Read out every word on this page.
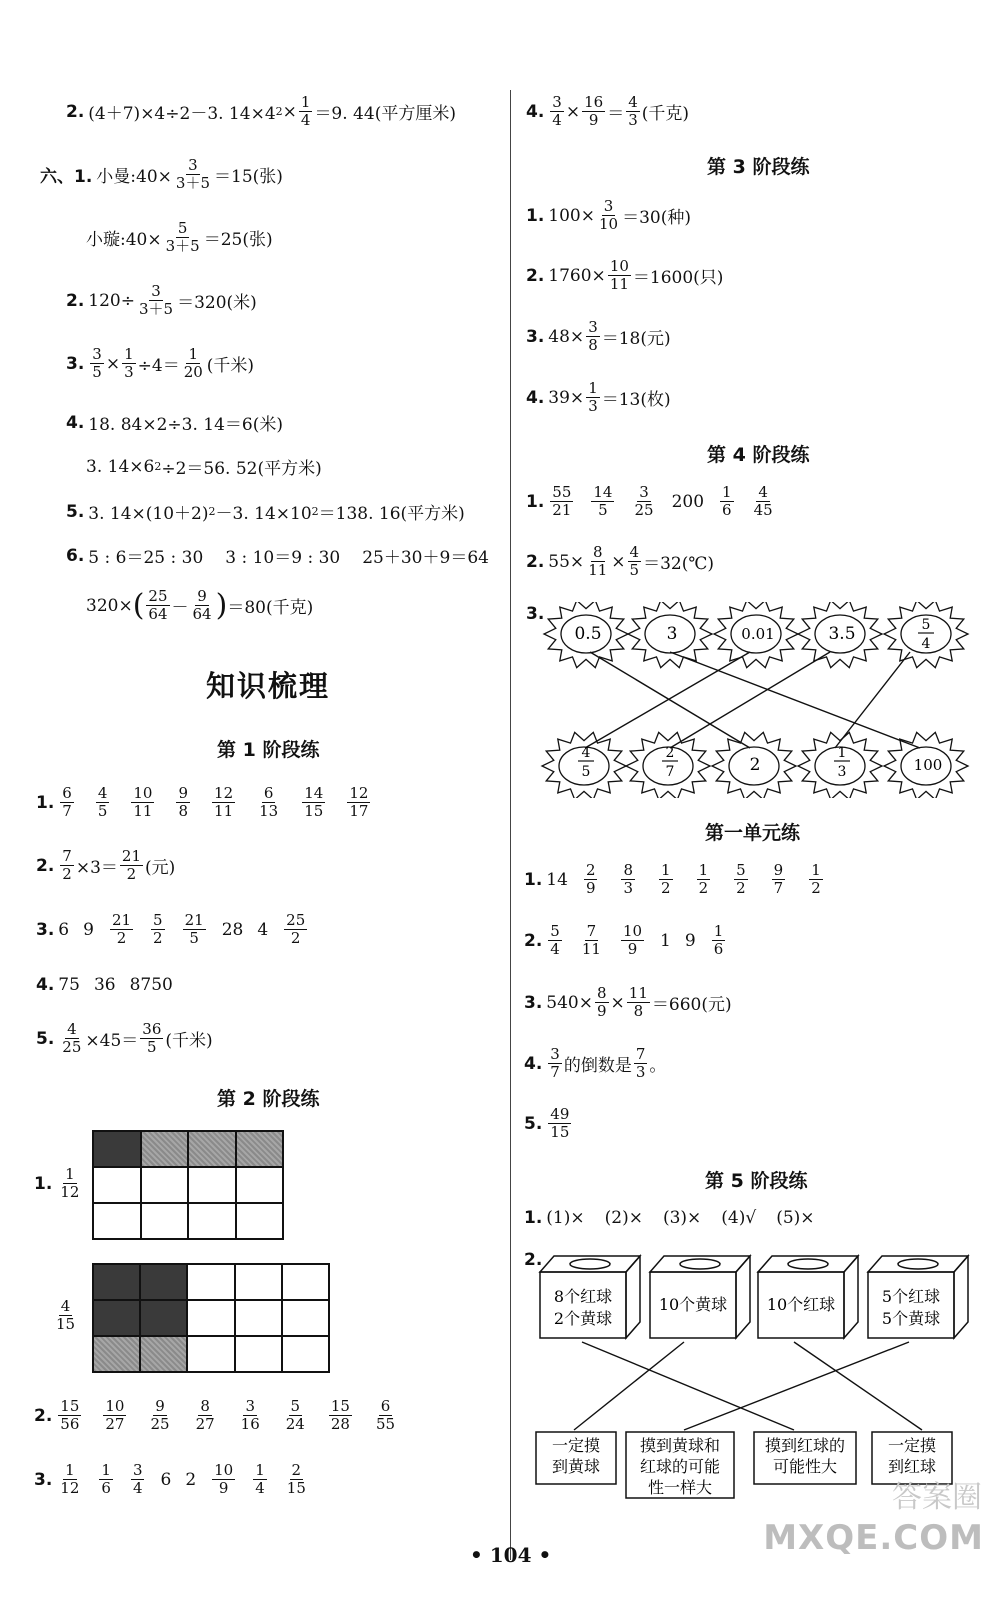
2. (4＋7)×4÷2－3. 14×4 $2 \times \frac{1}{4} =9$. 44(平方厘米)
六、1. 小曼:40× $\frac{3}{3+5} =15$(张)
小璇:40× $\frac{5}{3+5} =25$(张)
2. $120\div \frac{3}{3+5} =320$(米)
3. $\frac{3}{5} \times \frac{1}{3} \div 4= \frac{1}{20}$ (千米)
4. 18. 84×2÷3. 14＝6(米)
3. 14×6 2 ÷2＝56. 52(平方米)
5. 3. 14×(10＋2) 2 －3. 14×10 2 ＝138. 16(平方米)
6. 5 : 6＝25 : 30 3 : 10＝9 : 30 25＋30＋9＝64
320× ( $\frac{25}{64} - \frac{9}{64}$ ) ＝80(千克)
知识梳理
第 1 阶段练
1. $\frac{6}{7} \frac{4}{5} \frac{10}{11} \frac{9}{8} \frac{12}{11} \frac{6}{13} \frac{14}{15} \frac{12}{17}$
2. $\frac{7}{2} \times 3= \frac{21}{2}$ (元)
3. 6 $9 \frac{21}{2} \frac{5}{2} \frac{21}{5} 28$ $4 \frac{25}{2}$
4. 75 36 8750
5. $\frac{4}{25} \times 45= \frac{36}{5}$ (千米)
第 2 阶段练
1. $\frac{1}{12}$
$\frac{4}{15}$
2. $\frac{15}{56} \frac{10}{27} \frac{9}{25} \frac{8}{27} \frac{3}{16} \frac{5}{24} \frac{15}{28} \frac{6}{55}$
3. $\frac{1}{12} \frac{1}{6} \frac{3}{4} 6$ $2 \frac{10}{9} \frac{1}{4} \frac{2}{15}$
4. $\frac{3}{4} \times \frac{16}{9} = \frac{4}{3}$ (千克)
第 3 阶段练
1. $100\times \frac{3}{10} =30$(种)
2. $1760\times \frac{10}{11} =1600$(只)
3. $48\times \frac{3}{8} =18$(元)
4. $39\times \frac{1}{3} =13$(枚)
第 4 阶段练
1. $\frac{55}{21} \frac{14}{5} \frac{3}{25} 200 \frac{1}{6} \frac{4}{45}$
2. $55\times \frac{8}{11} \times \frac{4}{5}$ ＝32(℃)
3.
0.5	3	0.01	3.5	5
4
4
5
2
7	2
1
3	100
第一单元练
1. $14 \frac{2}{9} \frac{8}{3} \frac{1}{2} \frac{1}{2} \frac{5}{2} \frac{9}{7} \frac{1}{2}$
2. $\frac{5}{4} \frac{7}{11} \frac{10}{9} 1$ $9 \frac{1}{6}$
3. $540\times \frac{8}{9} \times \frac{11}{8} =660$(元)
4. $\frac{3}{7}$ 的倒数是 $\frac{7}{3}$ 。
5. $\frac{49}{15}$
第 5 阶段练
1. (1)× (2)× (3)× (4)√ (5)×
2.
8个红球
2个黄球
10个黄球 10个红球	5个红球
5个黄球
一定摸
到黄球
摸到黄球和
红球的可能
性一样大
摸到红球的
可能性大
一定摸
到红球
• 104 •
答案圈
MXQE.COM
